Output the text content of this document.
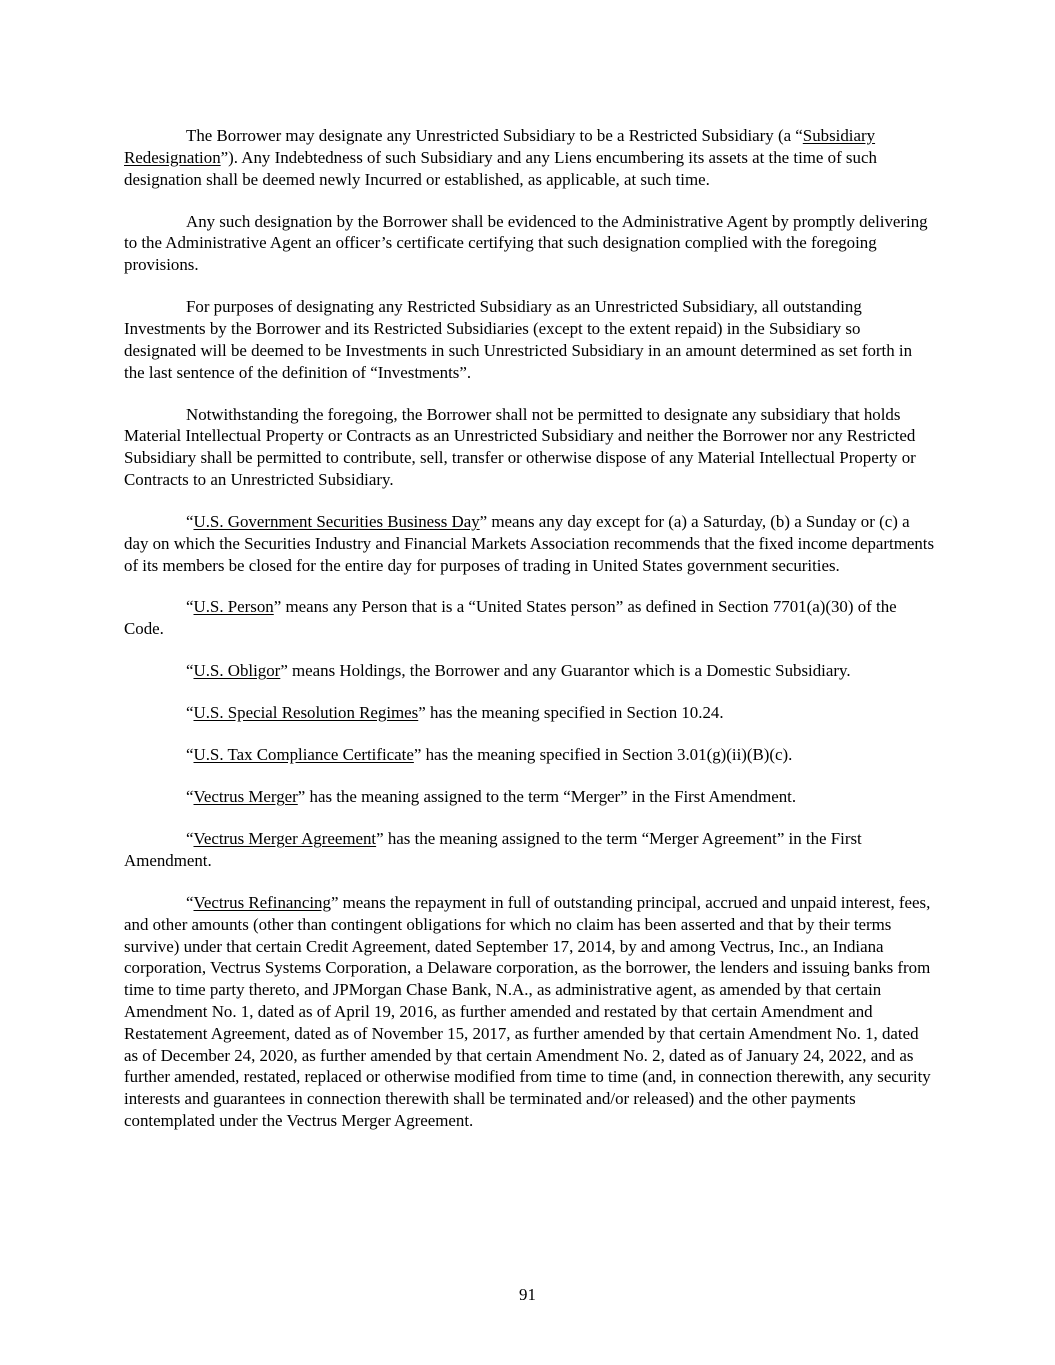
The Borrower may designate any Unrestricted Subsidiary to be a Restricted Subsidiary (a “Subsidiary Redesignation”). Any Indebtedness of such Subsidiary and any Liens encumbering its assets at the time of such designation shall be deemed newly Incurred or established, as applicable, at such time.

Any such designation by the Borrower shall be evidenced to the Administrative Agent by promptly delivering to the Administrative Agent an officer’s certificate certifying that such designation complied with the foregoing provisions.

For purposes of designating any Restricted Subsidiary as an Unrestricted Subsidiary, all outstanding Investments by the Borrower and its Restricted Subsidiaries (except to the extent repaid) in the Subsidiary so designated will be deemed to be Investments in such Unrestricted Subsidiary in an amount determined as set forth in the last sentence of the definition of “Investments”.

Notwithstanding the foregoing, the Borrower shall not be permitted to designate any subsidiary that holds Material Intellectual Property or Contracts as an Unrestricted Subsidiary and neither the Borrower nor any Restricted Subsidiary shall be permitted to contribute, sell, transfer or otherwise dispose of any Material Intellectual Property or Contracts to an Unrestricted Subsidiary.

“U.S. Government Securities Business Day” means any day except for (a) a Saturday, (b) a Sunday or (c) a day on which the Securities Industry and Financial Markets Association recommends that the fixed income departments of its members be closed for the entire day for purposes of trading in United States government securities.

“U.S. Person” means any Person that is a “United States person” as defined in Section 7701(a)(30) of the Code.

“U.S. Obligor” means Holdings, the Borrower and any Guarantor which is a Domestic Subsidiary.

“U.S. Special Resolution Regimes” has the meaning specified in Section 10.24.

“U.S. Tax Compliance Certificate” has the meaning specified in Section 3.01(g)(ii)(B)(c).

“Vectrus Merger” has the meaning assigned to the term “Merger” in the First Amendment.

“Vectrus Merger Agreement” has the meaning assigned to the term “Merger Agreement” in the First Amendment.

“Vectrus Refinancing” means the repayment in full of outstanding principal, accrued and unpaid interest, fees, and other amounts (other than contingent obligations for which no claim has been asserted and that by their terms survive) under that certain Credit Agreement, dated September 17, 2014, by and among Vectrus, Inc., an Indiana corporation, Vectrus Systems Corporation, a Delaware corporation, as the borrower, the lenders and issuing banks from time to time party thereto, and JPMorgan Chase Bank, N.A., as administrative agent, as amended by that certain Amendment No. 1, dated as of April 19, 2016, as further amended and restated by that certain Amendment and Restatement Agreement, dated as of November 15, 2017, as further amended by that certain Amendment No. 1, dated as of December 24, 2020, as further amended by that certain Amendment No. 2, dated as of January 24, 2022, and as further amended, restated, replaced or otherwise modified from time to time (and, in connection therewith, any security interests and guarantees in connection therewith shall be terminated and/or released) and the other payments contemplated under the Vectrus Merger Agreement.

91
